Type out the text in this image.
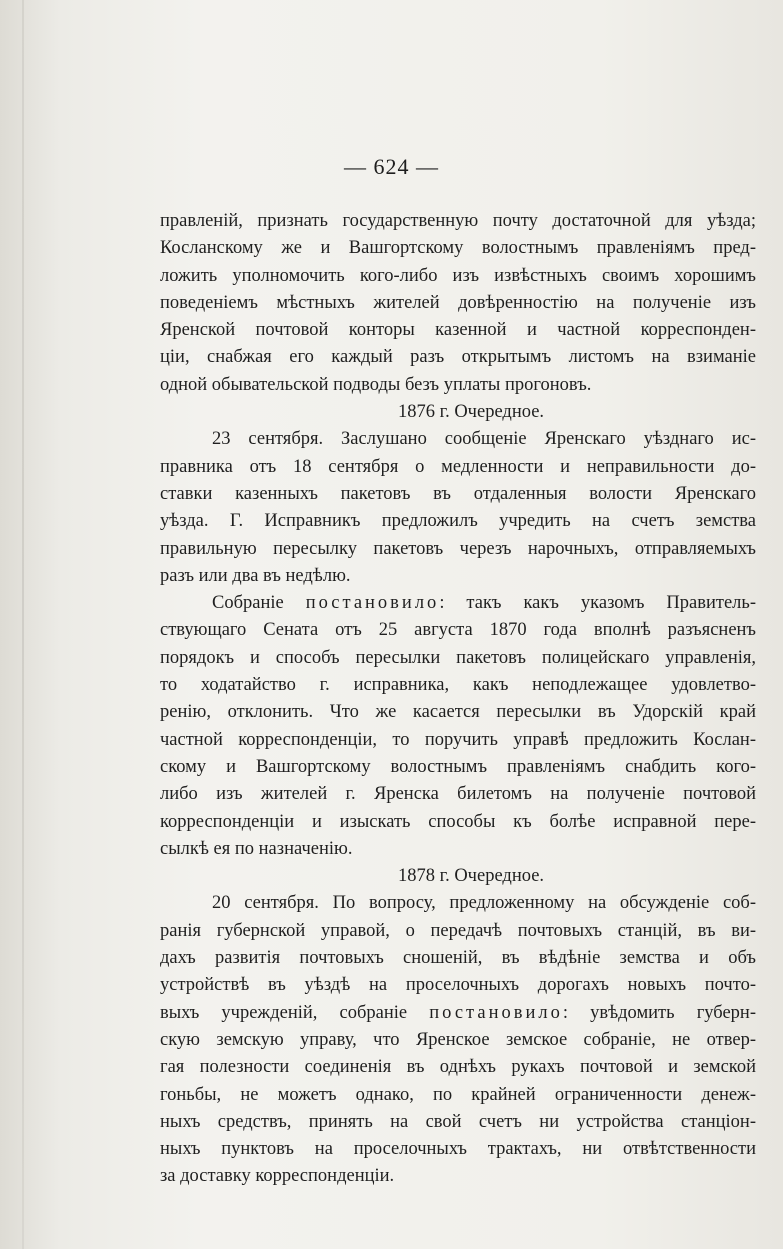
— 624 —
правленій, признать государственную почту достаточной для уѣзда;
Косланскому же и Вашгортскому волостнымъ правленіямъ пред-
ложить уполномочить кого-либо изъ извѣстныхъ своимъ хорошимъ
поведеніемъ мѣстныхъ жителей довѣренностію на полученіе изъ
Яренской почтовой конторы казенной и частной корреспонден-
ціи, снабжая его каждый разъ открытымъ листомъ на взиманіе
одной обывательской подводы безъ уплаты прогоновъ.
1876 г. Очередное.
23 сентября. Заслушано сообщеніе Яренскаго уѣзднаго ис-
правника отъ 18 сентября о медленности и неправильности до-
ставки казенныхъ пакетовъ въ отдаленныя волости Яренскаго
уѣзда. Г. Исправникъ предложилъ учредить на счетъ земства
правильную пересылку пакетовъ черезъ нарочныхъ, отправляемыхъ
разъ или два въ недѣлю.
Собраніе постановило: такъ какъ указомъ Правитель-
ствующаго Сената отъ 25 августа 1870 года вполнѣ разъясненъ
порядокъ и способъ пересылки пакетовъ полицейскаго управленія,
то ходатайство г. исправника, какъ неподлежащее удовлетво-
ренію, отклонить. Что же касается пересылки въ Удорскій край
частной корреспонденціи, то поручить управѣ предложить Кослан-
скому и Вашгортскому волостнымъ правленіямъ снабдить кого-
либо изъ жителей г. Яренска билетомъ на полученіе почтовой
корреспонденціи и изыскать способы къ болѣе исправной пере-
сылкѣ ея по назначенію.
1878 г. Очередное.
20 сентября. По вопросу, предложенному на обсужденіе соб-
ранія губернской управой, о передачѣ почтовыхъ станцій, въ ви-
дахъ развитія почтовыхъ сношеній, въ вѣдѣніе земства и объ
устройствѣ въ уѣздѣ на проселочныхъ дорогахъ новыхъ почто-
выхъ учрежденій, собраніе постановило: увѣдомить губерн-
скую земскую управу, что Яренское земское собраніе, не отвер-
гая полезности соединенія въ однѣхъ рукахъ почтовой и земской
гоньбы, не можетъ однако, по крайней ограниченности денеж-
ныхъ средствъ, принять на свой счетъ ни устройства станціон-
ныхъ пунктовъ на проселочныхъ трактахъ, ни отвѣтственности
за доставку корреспонденціи.
